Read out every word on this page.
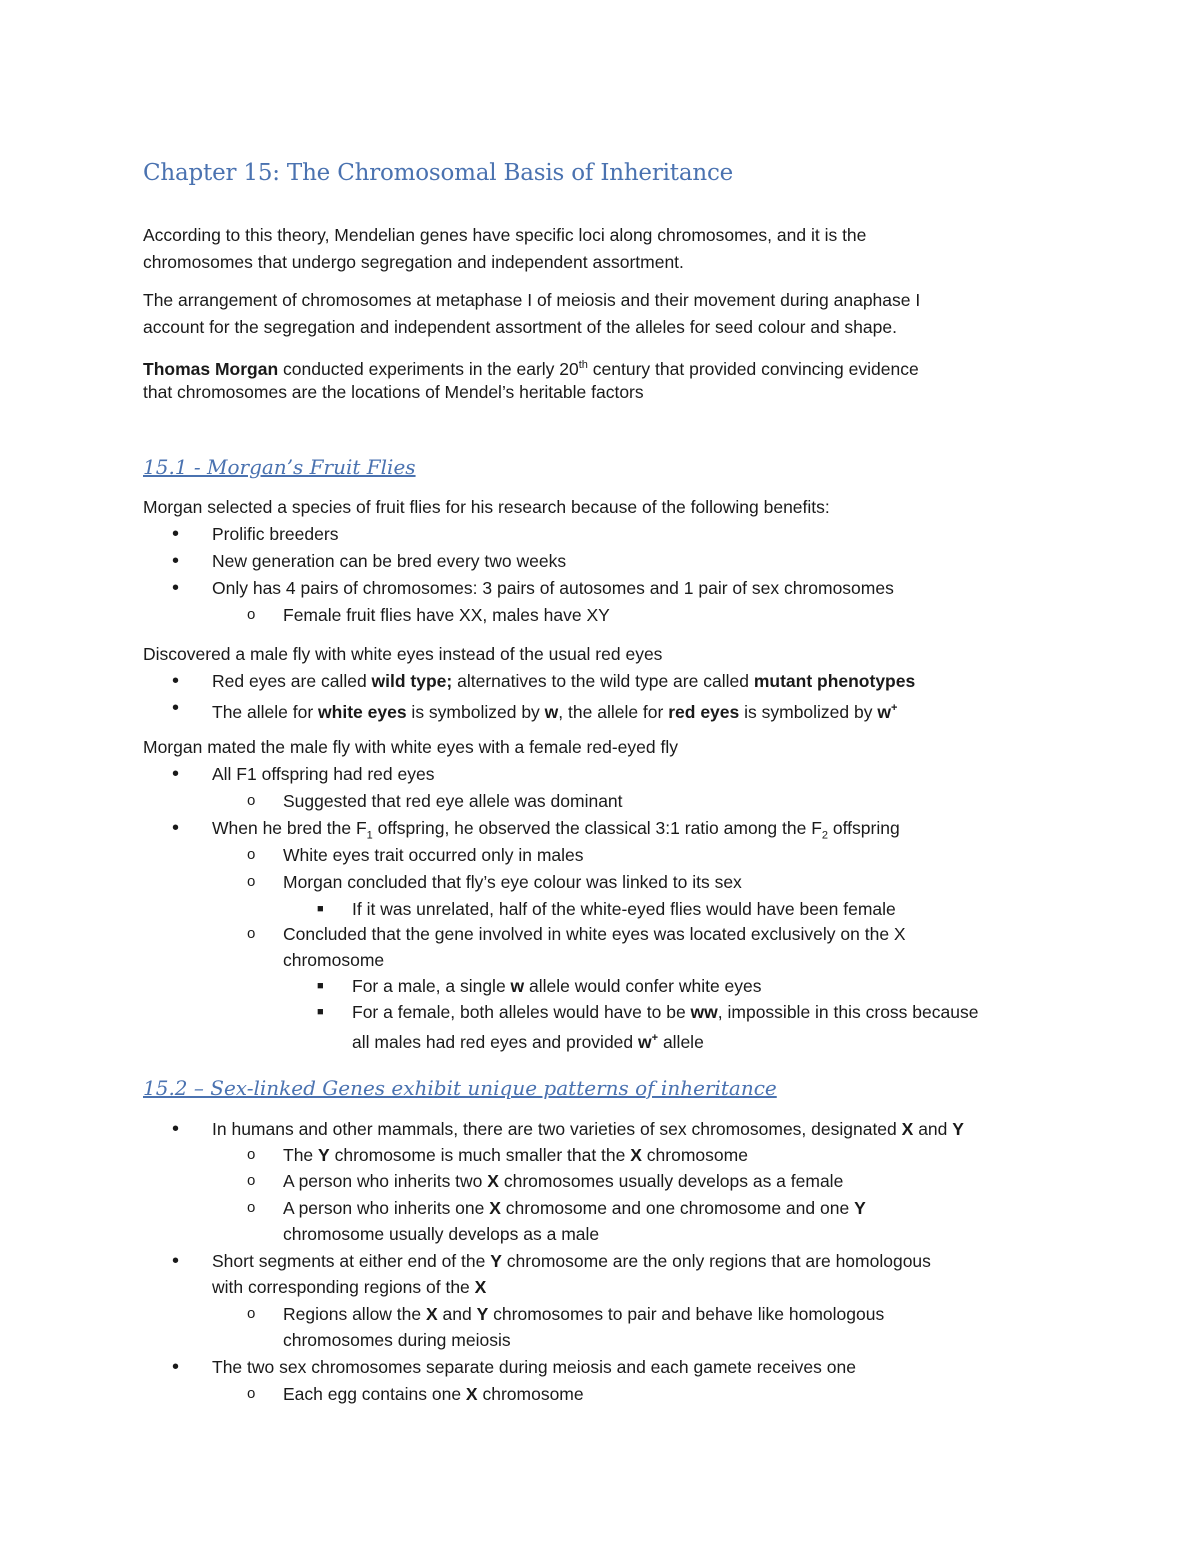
Chapter 15: The Chromosomal Basis of Inheritance

According to this theory, Mendelian genes have specific loci along chromosomes, and it is the

chromosomes that undergo segregation and independent assortment.

The arrangement of chromosomes at metaphase I of meiosis and their movement during anaphase I

account for the segregation and independent assortment of the alleles for seed colour and shape.

Thomas Morgan conducted experiments in the early 20th century that provided convincing evidence

that chromosomes are the locations of Mendel’s heritable factors

15.1 - Morgan’s Fruit Flies

Morgan selected a species of fruit flies for his research because of the following benefits:

• Prolific breeders

• New generation can be bred every two weeks

• Only has 4 pairs of chromosomes: 3 pairs of autosomes and 1 pair of sex chromosomes

o Female fruit flies have XX, males have XY

Discovered a male fly with white eyes instead of the usual red eyes

• Red eyes are called wild type; alternatives to the wild type are called mutant phenotypes

• The allele for white eyes is symbolized by w, the allele for red eyes is symbolized by w+

Morgan mated the male fly with white eyes with a female red-eyed fly

• All F1 offspring had red eyes

o Suggested that red eye allele was dominant

• When he bred the $F_1$ offspring, he observed the classical 3:1 ratio among the $F_2$ offspring

o White eyes trait occurred only in males

o Morgan concluded that fly’s eye colour was linked to its sex

■ If it was unrelated, half of the white-eyed flies would have been female

o Concluded that the gene involved in white eyes was located exclusively on the X

chromosome

■ For a male, a single w allele would confer white eyes

■ For a female, both alleles would have to be ww, impossible in this cross because

all males had red eyes and provided w+ allele

15.2 – Sex-linked Genes exhibit unique patterns of inheritance
• In humans and other mammals, there are two varieties of sex chromosomes, designated X and Y

o The Y chromosome is much smaller that the X chromosome

o A person who inherits two X chromosomes usually develops as a female

o A person who inherits one X chromosome and one chromosome and one Y

chromosome usually develops as a male

• Short segments at either end of the Y chromosome are the only regions that are homologous

with corresponding regions of the X

o Regions allow the X and Y chromosomes to pair and behave like homologous

chromosomes during meiosis

• The two sex chromosomes separate during meiosis and each gamete receives one

o Each egg contains one X chromosome
